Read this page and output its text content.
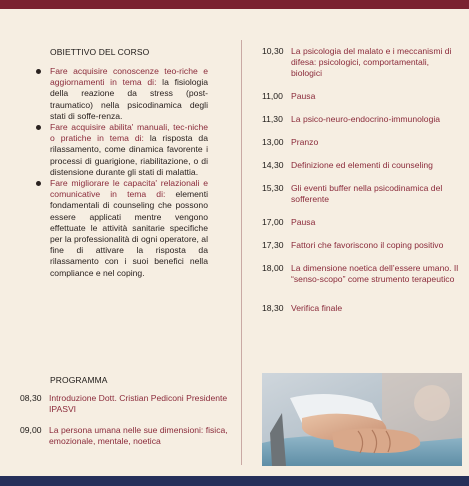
OBIETTIVO DEL CORSO
Fare acquisire conoscenze teo-riche e aggiornamenti in tema di: la fisiologia della reazione da stress (post-traumatico) nella psicodinamica degli stati di soffe-renza.
Fare acquisire abilita' manuali, tec-niche o pratiche in tema di: la risposta da rilassamento, come dinamica favorente i processi di guarigione, riabilitazione, o di distensione durante gli stati di malattia.
Fare migliorare le capacita' relazionali e comunicative in tema di: elementi fondamentali di counseling che possono essere applicati mentre vengono effettuate le attività sanitarie specifiche per la professionalità di ogni operatore, al fine di attivare la risposta da rilassamento con i suoi benefici nella compliance e nel coping.
PROGRAMMA
08,30 Introduzione Dott. Cristian Pediconi Presidente IPASVI
09,00 La persona umana nelle sue dimensioni: fisica, emozionale, mentale, noetica
10,30 La psicologia del malato e i meccanismi di difesa: psicologici, comportamentali, biologici
11,00 Pausa
11,30 La psico-neuro-endocrino-immunologia
13,00 Pranzo
14,30 Definizione ed elementi di counseling
15,30 Gli eventi buffer nella psicodinamica del sofferente
17,00 Pausa
17,30 Fattori che favoriscono il coping positivo
18,00 La dimensione noetica dell’essere umano. Il “senso-scopo” come strumento terapeutico
18,30 Verifica finale
